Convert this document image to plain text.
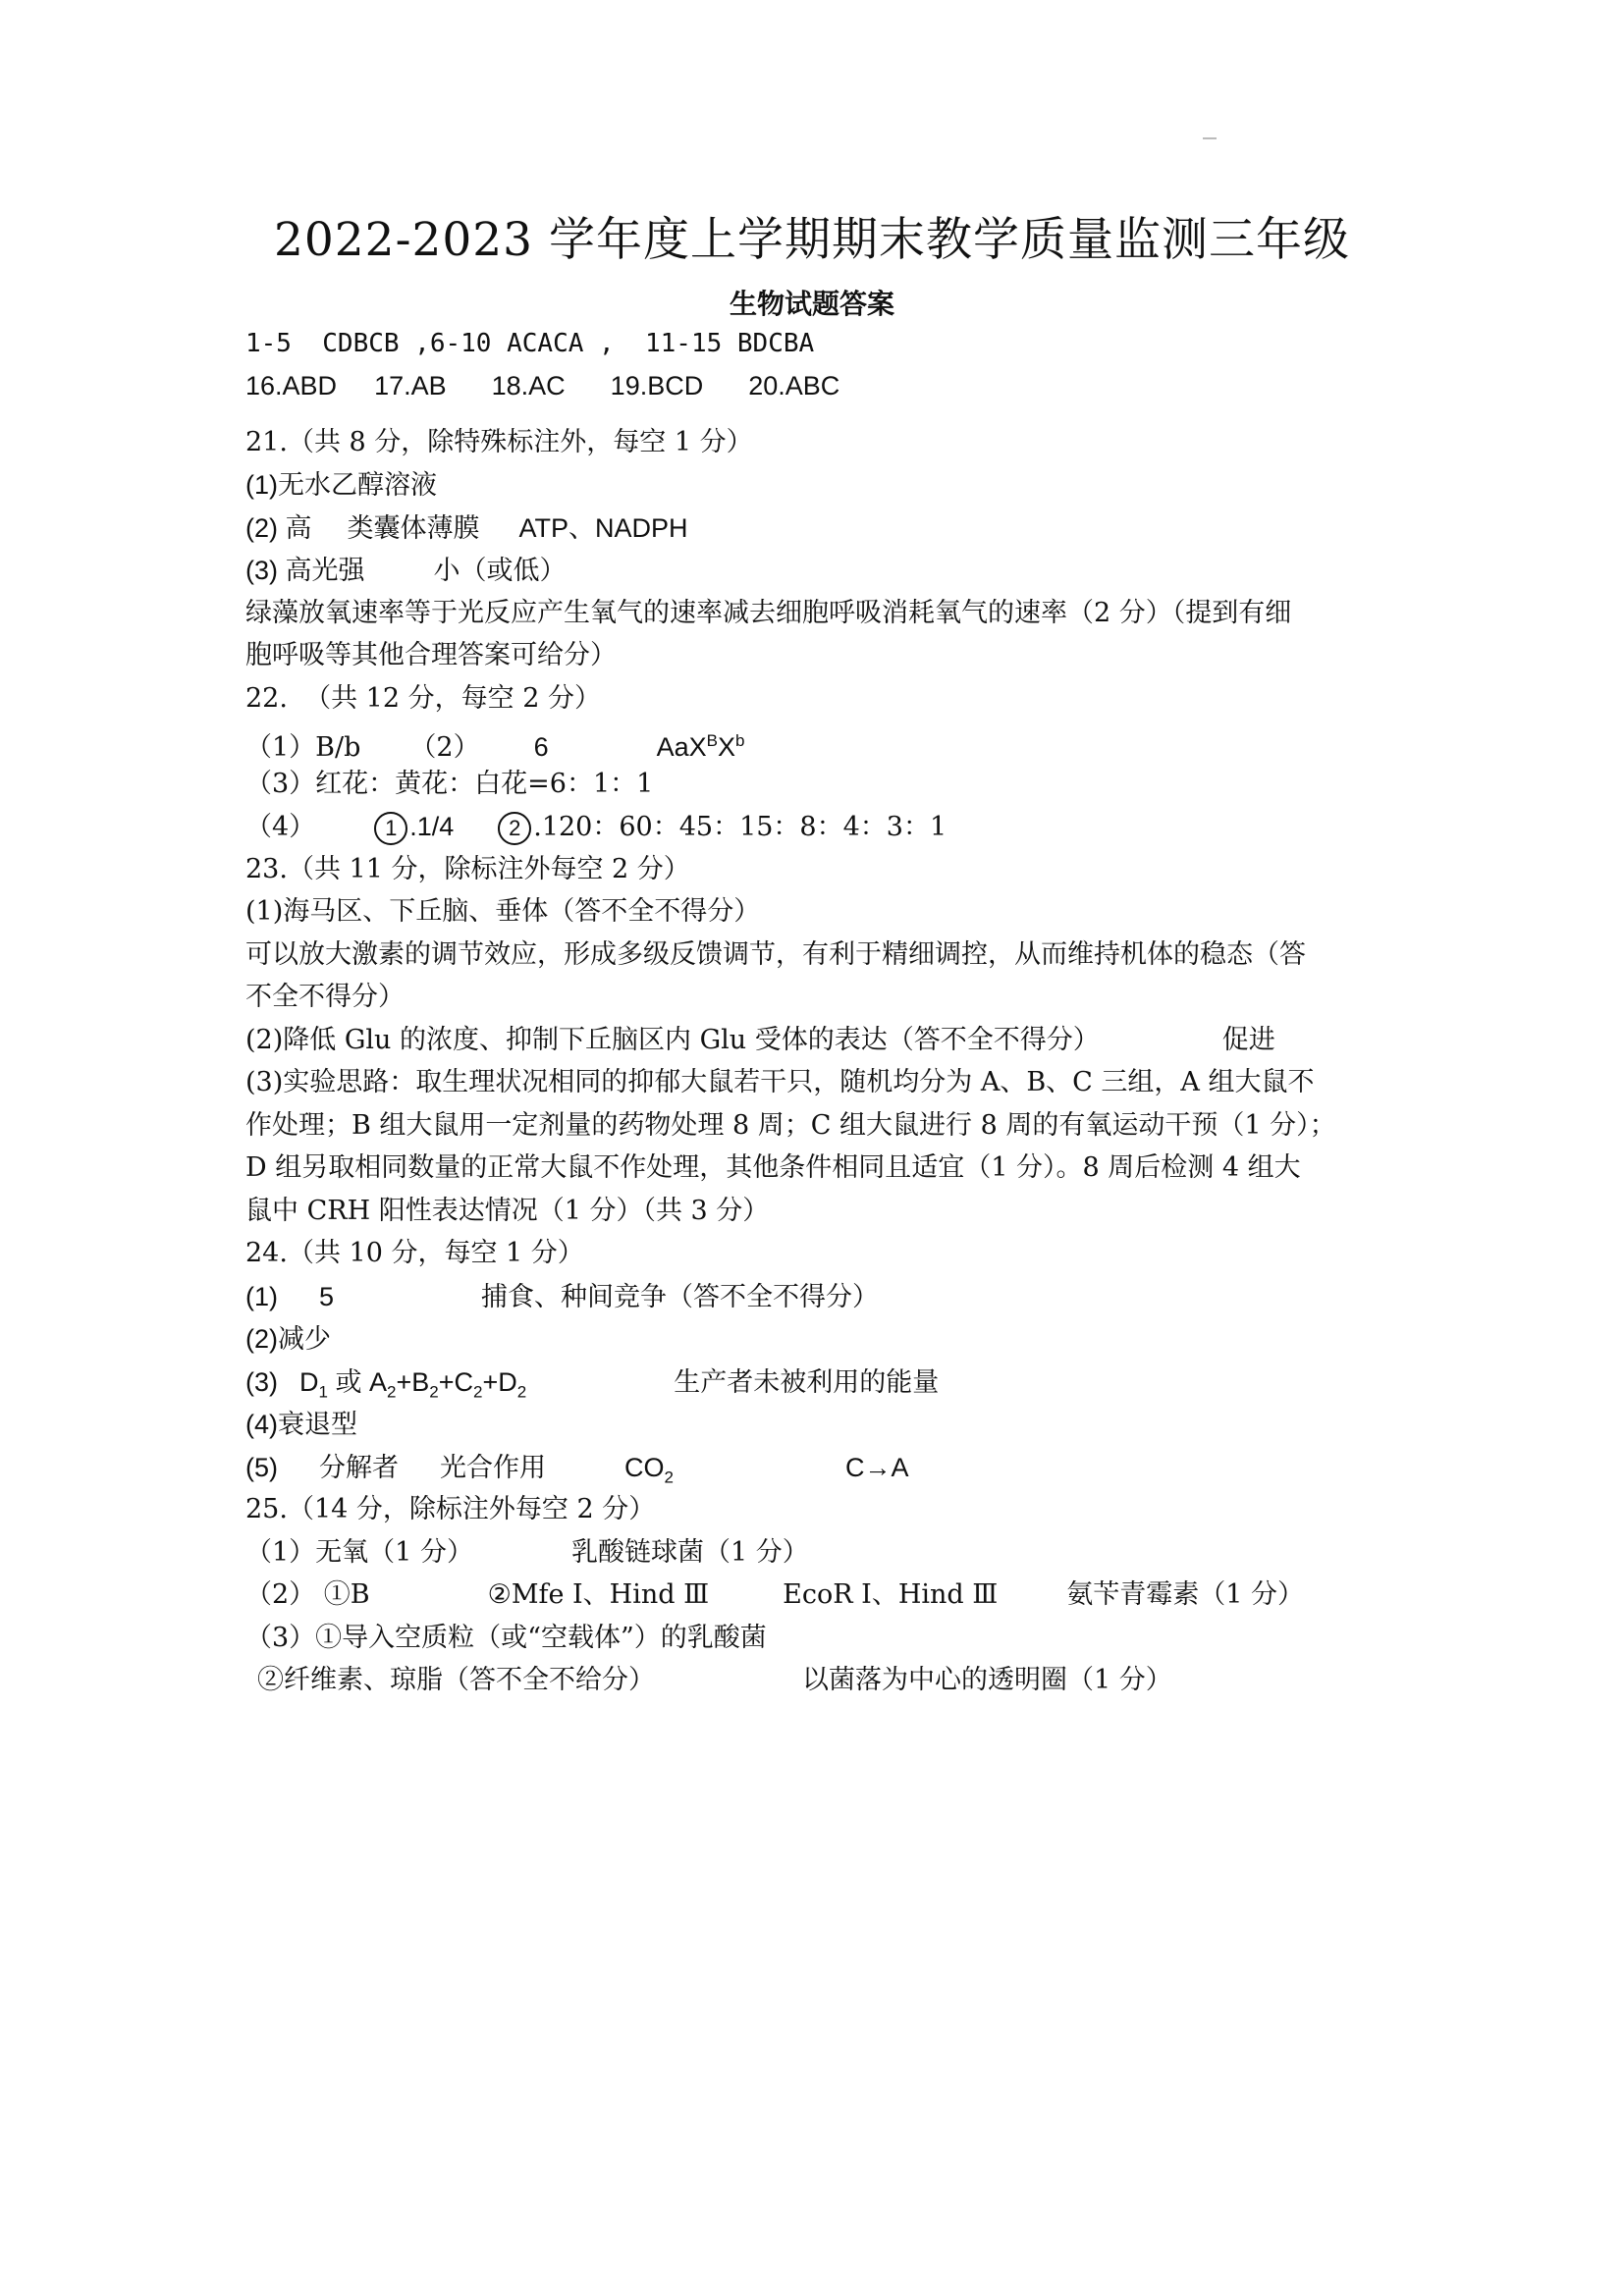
2022-2023 学年度上学期期末教学质量监测三年级
生物试题答案
1-5  CDBCB ,6-10 ACACA ,  11-15 BDCBA
16.ABD 17.AB 18.AC 19.BCD 20.ABC
21.（共 8 分，除特殊标注外，每空 1 分）
(1)无水乙醇溶液
(2) 高 类囊体薄膜 ATP、NADPH
(3) 高光强	小（或低）
绿藻放氧速率等于光反应产生氧气的速率减去细胞呼吸消耗氧气的速率（2 分）（提到有细
胞呼吸等其他合理答案可给分）
22.  （共 12 分，每空 2 分）
（1）B/b （2） 6	$AaX^BX^b$
（3）红花：黄花：白花=6：1：1
（4）	1 .1/4	2 .120：60：45：15：8：4：3：1
23.（共 11 分，除标注外每空 2 分）
(1)海马区、下丘脑、垂体（答不全不得分）
可以放大激素的调节效应，形成多级反馈调节，有利于精细调控，从而维持机体的稳态（答
不全不得分）
(2)降低 Glu 的浓度、抑制下丘脑区内 Glu 受体的表达（答不全不得分）	促进
(3)实验思路：取生理状况相同的抑郁大鼠若干只，随机均分为 A、B、C 三组，A 组大鼠不
作处理；B 组大鼠用一定剂量的药物处理 8 周；C 组大鼠进行 8 周的有氧运动干预（1 分）；
D 组另取相同数量的正常大鼠不作处理，其他条件相同且适宜（1 分）。8 周后检测 4 组大
鼠中 CRH 阳性表达情况（1 分）（共 3 分）
24.（共 10 分，每空 1 分）
(1) 5	捕食、种间竞争（答不全不得分）
(2)减少
(3) $D_1$ 或 $A_2+B_2+C_2+D_2$	生产者未被利用的能量
(4)衰退型
(5) 分解者 光合作用	$CO_2$	C→A
25.（14 分，除标注外每空 2 分）
（1）无氧（1 分）	乳酸链球菌（1 分）
（2） ①B	②Mfe Ⅰ、Hind Ⅲ	EcoR Ⅰ、Hind Ⅲ	氨苄青霉素（1 分）
（3）①导入空质粒（或“空载体”）的乳酸菌
②纤维素、琼脂（答不全不给分）	以菌落为中心的透明圈（1 分）
